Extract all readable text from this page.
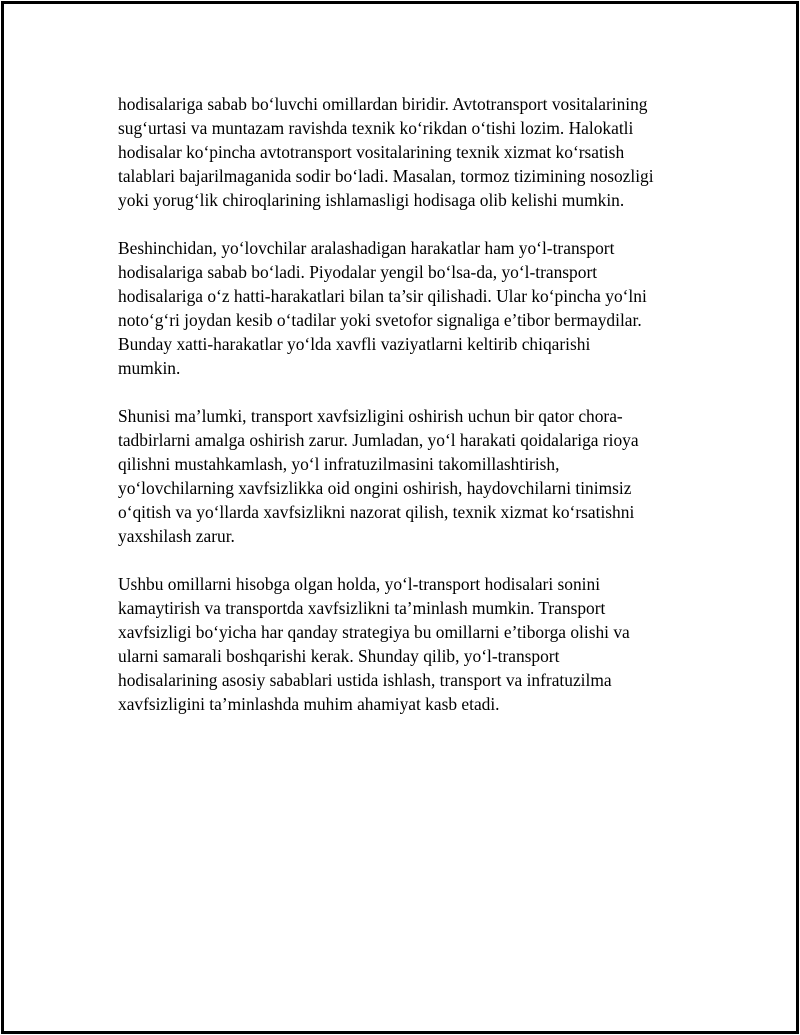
hodisalariga sabab bo‘luvchi omillardan biridir. Avtotransport vositalarining
sug‘urtasi va muntazam ravishda texnik ko‘rikdan o‘tishi lozim. Halokatli
hodisalar ko‘pincha avtotransport vositalarining texnik xizmat ko‘rsatish
talablari bajarilmaganida sodir bo‘ladi. Masalan, tormoz tizimining nosozligi
yoki yorug‘lik chiroqlarining ishlamasligi hodisaga olib kelishi mumkin.

Beshinchidan, yo‘lovchilar aralashadigan harakatlar ham yo‘l-transport
hodisalariga sabab bo‘ladi. Piyodalar yengil bo‘lsa-da, yo‘l-transport
hodisalariga o‘z hatti-harakatlari bilan ta’sir qilishadi. Ular ko‘pincha yo‘lni
noto‘g‘ri joydan kesib o‘tadilar yoki svetofor signaliga e’tibor bermaydilar.
Bunday xatti-harakatlar yo‘lda xavfli vaziyatlarni keltirib chiqarishi
mumkin.

Shunisi ma’lumki, transport xavfsizligini oshirish uchun bir qator chora-
tadbirlarni amalga oshirish zarur. Jumladan, yo‘l harakati qoidalariga rioya
qilishni mustahkamlash, yo‘l infratuzilmasini takomillashtirish,
yo‘lovchilarning xavfsizlikka oid ongini oshirish, haydovchilarni tinimsiz
o‘qitish va yo‘llarda xavfsizlikni nazorat qilish, texnik xizmat ko‘rsatishni
yaxshilash zarur.

Ushbu omillarni hisobga olgan holda, yo‘l-transport hodisalari sonini
kamaytirish va transportda xavfsizlikni ta’minlash mumkin. Transport
xavfsizligi bo‘yicha har qanday strategiya bu omillarni e’tiborga olishi va
ularni samarali boshqarishi kerak. Shunday qilib, yo‘l-transport
hodisalarining asosiy sabablari ustida ishlash, transport va infratuzilma
xavfsizligini ta’minlashda muhim ahamiyat kasb etadi.
